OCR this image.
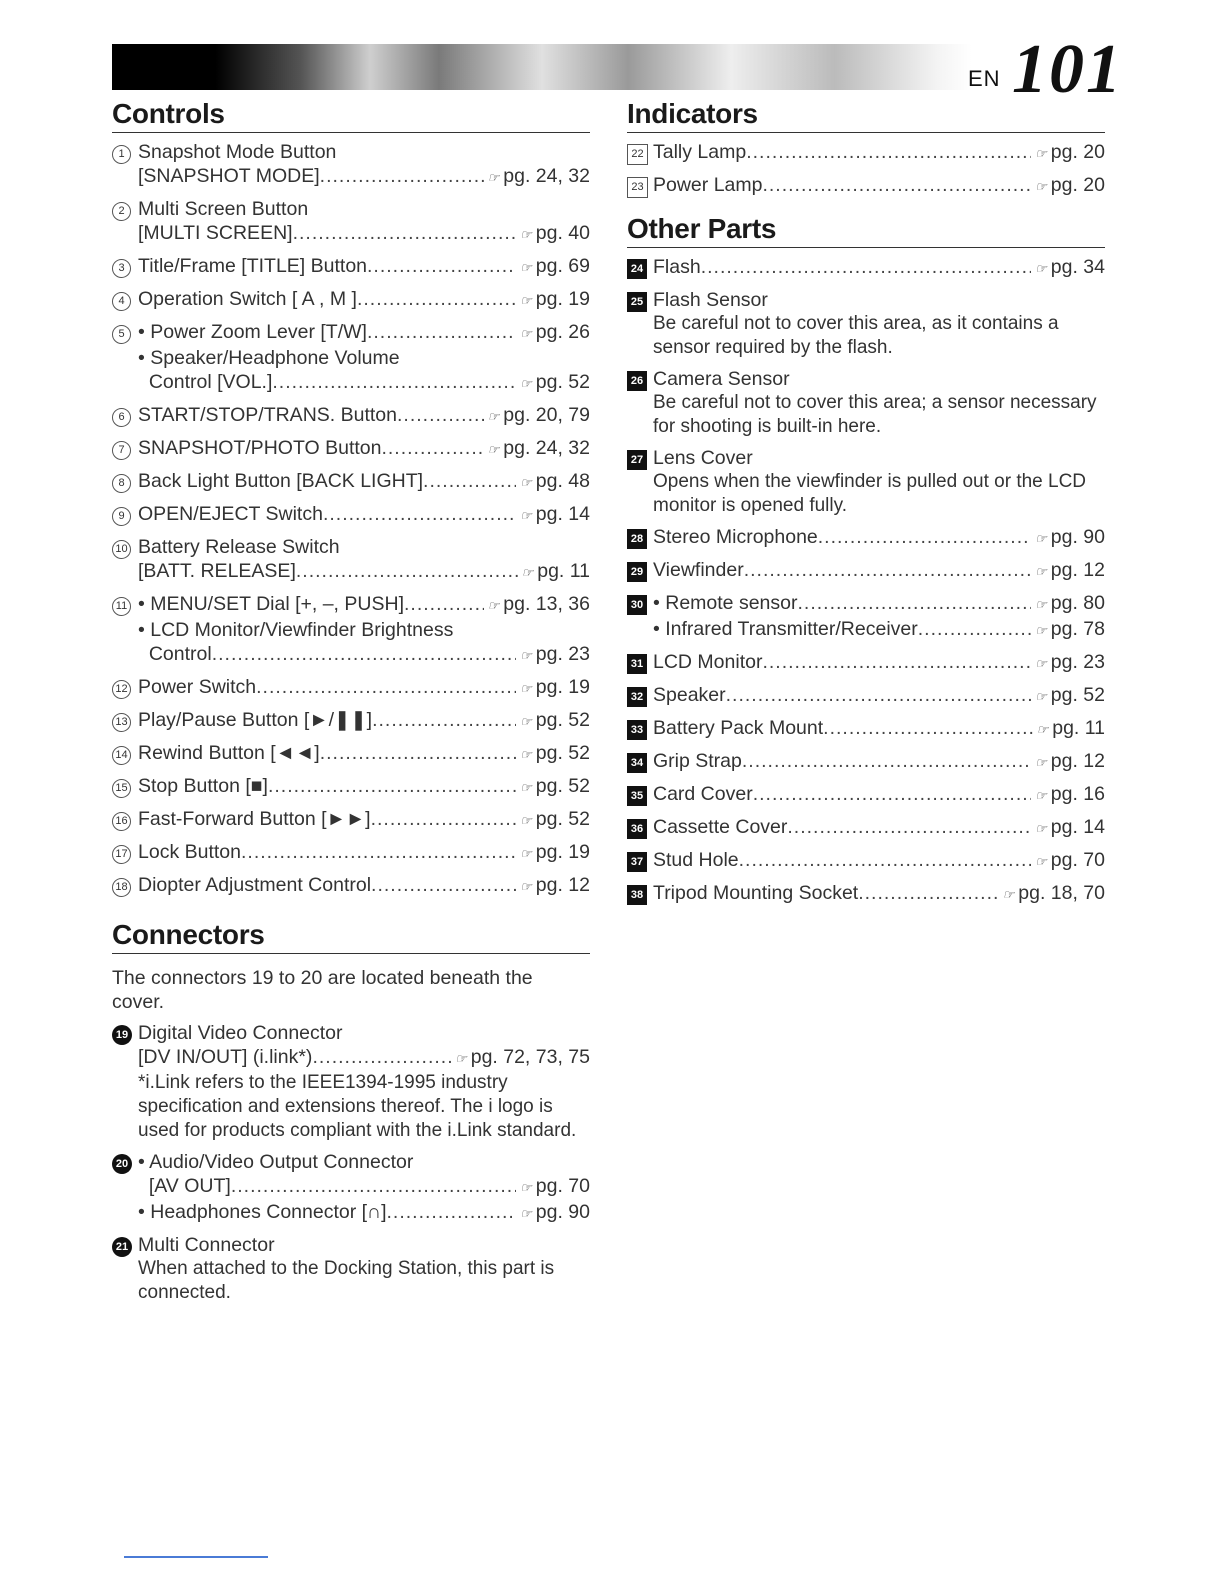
EN 101
Controls
1 Snapshot Mode Button
[SNAPSHOT MODE] .....	☞ pg. 24, 32
2 Multi Screen Button
[MULTI SCREEN] .....	☞ pg. 40
3 Title/Frame [TITLE] Button .....	☞ pg. 69
4 Operation Switch [ A , M ] .....	☞ pg. 19
5 • Power Zoom Lever [T/W] .....	☞ pg. 26
• Speaker/Headphone Volume
Control [VOL.] .....	☞ pg. 52
6 START/STOP/TRANS. Button .....	☞ pg. 20, 79
7 SNAPSHOT/PHOTO Button .....	☞ pg. 24, 32
8 Back Light Button [BACK LIGHT] .....	☞ pg. 48
9 OPEN/EJECT Switch .....	☞ pg. 14
10 Battery Release Switch
[BATT. RELEASE] .....	☞ pg. 11
11 • MENU/SET Dial [+, –, PUSH] .....	☞ pg. 13, 36
• LCD Monitor/Viewfinder Brightness
Control .....	☞ pg. 23
12 Power Switch .....	☞ pg. 19
13 Play/Pause Button [►/❚❚] .....	☞ pg. 52
14 Rewind Button [◄◄] .....	☞ pg. 52
15 Stop Button [■] .....	☞ pg. 52
16 Fast-Forward Button [►►] .....	☞ pg. 52
17 Lock Button .....	☞ pg. 19
18 Diopter Adjustment Control .....	☞ pg. 12
Connectors
The connectors 19 to 20 are located beneath the cover.
19 Digital Video Connector
[DV IN/OUT] (i.link*) .....	☞ pg. 72, 73, 75
*i.Link refers to the IEEE1394-1995 industry specification and extensions thereof. The i logo is used for products compliant with the i.Link standard.
20 • Audio/Video Output Connector
[AV OUT] .....	☞ pg. 70
• Headphones Connector [∩] .....	☞ pg. 90
21 Multi Connector
When attached to the Docking Station, this part is connected.
Indicators
22 Tally Lamp .....	☞ pg. 20
23 Power Lamp .....	☞ pg. 20
Other Parts
24 Flash .....	☞ pg. 34
25 Flash Sensor
Be careful not to cover this area, as it contains a sensor required by the flash.
26 Camera Sensor
Be careful not to cover this area; a sensor necessary for shooting is built-in here.
27 Lens Cover
Opens when the viewfinder is pulled out or the LCD monitor is opened fully.
28 Stereo Microphone .....	☞ pg. 90
29 Viewfinder .....	☞ pg. 12
30 • Remote sensor .....	☞ pg. 80
• Infrared Transmitter/Receiver .....	☞ pg. 78
31 LCD Monitor .....	☞ pg. 23
32 Speaker .....	☞ pg. 52
33 Battery Pack Mount .....	☞ pg. 11
34 Grip Strap .....	☞ pg. 12
35 Card Cover .....	☞ pg. 16
36 Cassette Cover .....	☞ pg. 14
37 Stud Hole .....	☞ pg. 70
38 Tripod Mounting Socket .....	☞ pg. 18, 70
